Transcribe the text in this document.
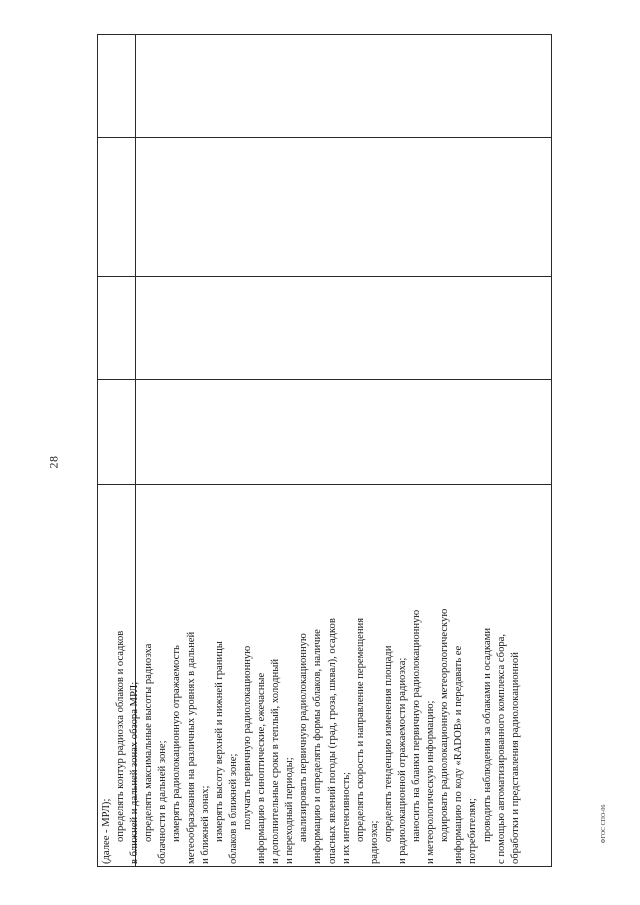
28
(далее - МРЛ); определять контур радиоэха облаков и осадков в ближней и дальней зонах обзора МРЛ; определять максимальные высоты радиоэха облачности в дальней зоне; измерять радиолокационную отражаемость метеообразования на различных уровнях в дальней и ближней зонах; измерять высоту верхней и нижней границы облаков в ближней зоне; получать первичную радиолокационную информацию в синоптические, ежечасные и дополнительные сроки в теплый, холодный и переходный периоды; анализировать первичную радиолокационную информацию и определять формы облаков, наличие опасных явлений погоды (град, гроза, шквал), осадков и их интенсивность; определять скорость и направление перемещения
радиоэха;
определять тенденцию изменения площади и радиолокационной отражаемости радиоэха; наносить на бланки первичную радиолокационную и метеорологическую информацию; кодировать радиолокационную метеорологическую информацию по коду «RADOB» и передавать ее потребителям; проводить наблюдения за облаками и осадками с помощью автоматизированного комплекса сбора, обработки и представления радиолокационной	ФГОС СПО-06
